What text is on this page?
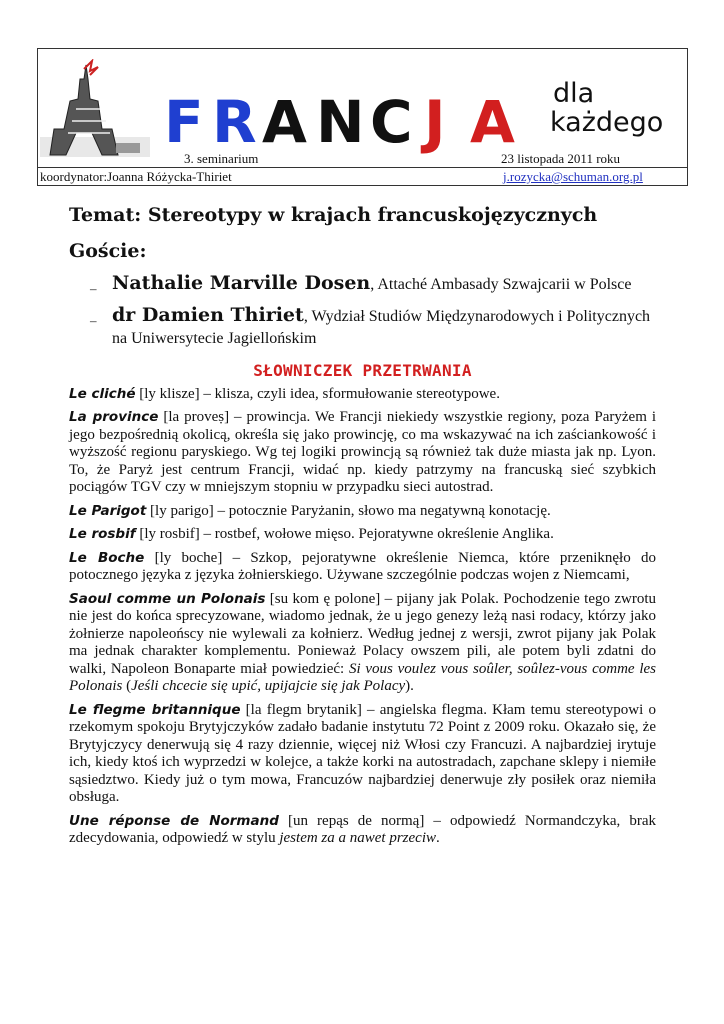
F R A N C J A dla
każdego
3. seminarium	23 listopada 2011 roku
koordynator:Joanna Różycka-Thiriet	j.rozycka@schuman.org.pl
Temat: Stereotypy w krajach francuskojęzycznych
Goście:
– Nathalie Marville Dosen, Attaché Ambasady Szwajcarii w Polsce
– dr Damien Thiriet, Wydział Studiów Międzynarodowych i Politycznych na Uniwersytecie Jagiellońskim
SŁOWNICZEK PRZETRWANIA

Le cliché [ly klisze] – klisza, czyli idea, sformułowanie stereotypowe.

La province [la proveṣ] – prowincja. We Francji niekiedy wszystkie regiony, poza Paryżem i jego bezpośrednią okolicą, określa się jako prowincję, co ma wskazywać na ich zaściankowość i wyższość regionu paryskiego. Wg tej logiki prowincją są również tak duże miasta jak np. Lyon. To, że Paryż jest centrum Francji, widać np. kiedy patrzymy na francuską sieć szybkich pociągów TGV czy w mniejszym stopniu w przypadku sieci autostrad.

Le Parigot [ly parigo] – potocznie Paryżanin, słowo ma negatywną konotację.

Le rosbif [ly rosbif] – rostbef, wołowe mięso. Pejoratywne określenie Anglika.

Le Boche [ly boche] – Szkop, pejoratywne określenie Niemca, które przeniknęło do potocznego języka z języka żołnierskiego. Używane szczególnie podczas wojen z Niemcami,

Saoul comme un Polonais [su kom ę polone] – pijany jak Polak. Pochodzenie tego zwrotu nie jest do końca sprecyzowane, wiadomo jednak, że u jego genezy leżą nasi rodacy, którzy jako żołnierze napoleońscy nie wylewali za kołnierz. Według jednej z wersji, zwrot pijany jak Polak ma jednak charakter komplementu. Ponieważ Polacy owszem pili, ale potem byli zdatni do walki, Napoleon Bonaparte miał powiedzieć: Si vous voulez vous soûler, soûlez-vous comme les Polonais (Jeśli chcecie się upić, upijajcie się jak Polacy).

Le flegme britannique [la flegm brytanik] – angielska flegma. Kłam temu stereotypowi o rzekomym spokoju Brytyjczyków zadało badanie instytutu 72 Point z 2009 roku. Okazało się, że Brytyjczycy denerwują się 4 razy dziennie, więcej niż Włosi czy Francuzi. A najbardziej irytuje ich, kiedy ktoś ich wyprzedzi w kolejce, a także korki na autostradach, zapchane sklepy i niemiłe sąsiedztwo. Kiedy już o tym mowa, Francuzów najbardziej denerwuje zły posiłek oraz niemiła obsługa.

Une réponse de Normand [un repąs de normą] – odpowiedź Normandczyka, brak zdecydowania, odpowiedź w stylu jestem za a nawet przeciw.
